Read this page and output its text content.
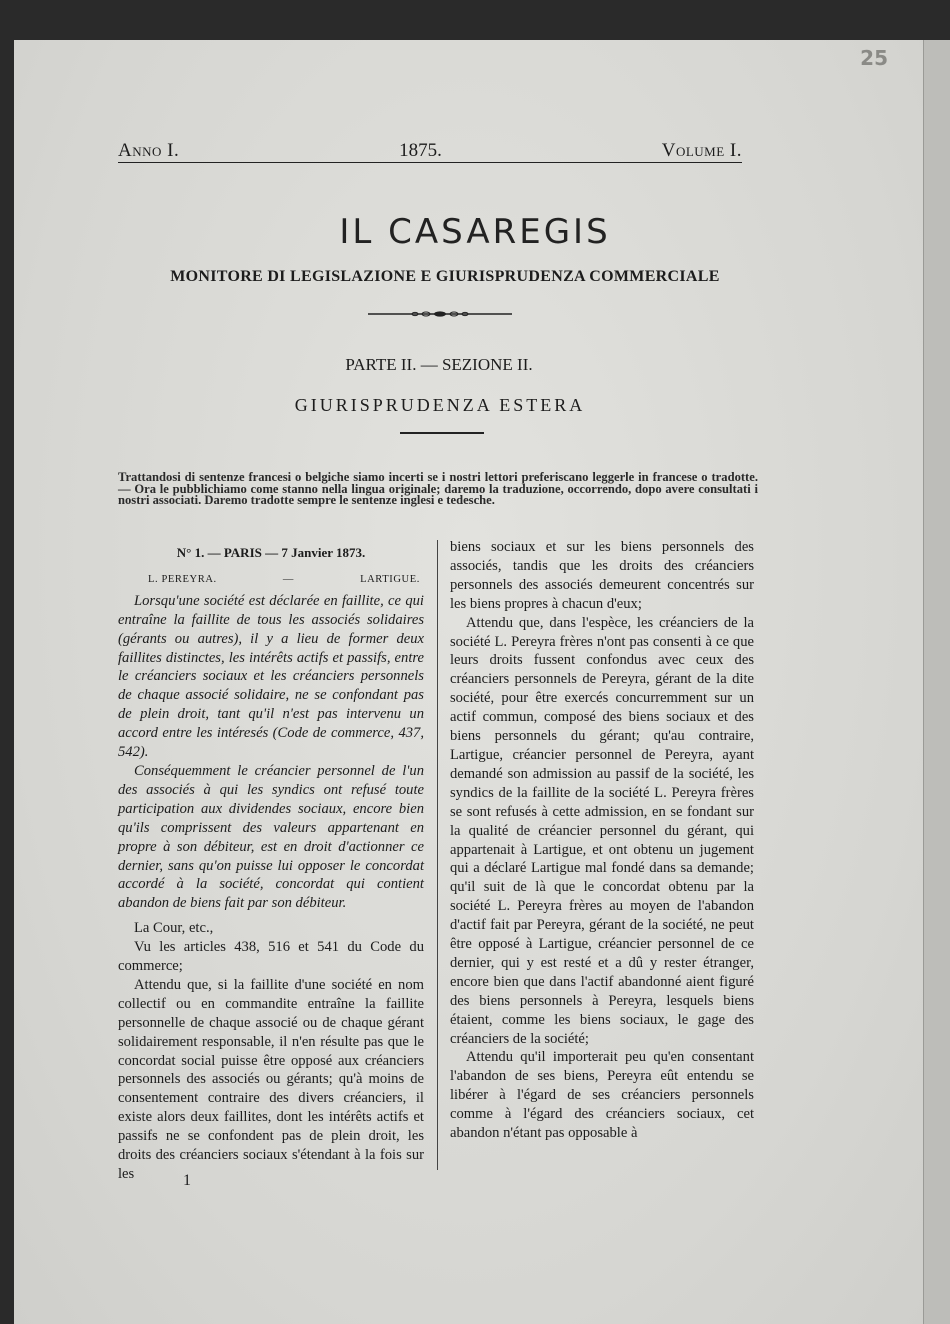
25
Anno I.	1875.	Volume I.
IL CASAREGIS
MONITORE DI LEGISLAZIONE E GIURISPRUDENZA COMMERCIALE
PARTE II. — SEZIONE II.
GIURISPRUDENZA ESTERA
Trattandosi di sentenze francesi o belgiche siamo incerti se i nostri lettori preferiscano leggerle in francese o tradotte. — Ora le pubblichiamo come stanno nella lingua originale; daremo la traduzione, occorrendo, dopo avere consultati i nostri associati. Daremo tradotte sempre le sentenze inglesi e tedesche.
N° 1. — PARIS — 7 Janvier 1873.
L. PEREYRA.	—	LARTIGUE.

Lorsqu'une société est déclarée en faillite, ce qui entraîne la faillite de tous les associés solidaires (gérants ou autres), il y a lieu de former deux faillites distinctes, les intérêts actifs et passifs, entre le créanciers sociaux et les créanciers personnels de chaque associé solidaire, ne se confondant pas de plein droit, tant qu'il n'est pas intervenu un accord entre les intéresés (Code de commerce, 437, 542).

Conséquemment le créancier personnel de l'un des associés à qui les syndics ont refusé toute participation aux dividendes sociaux, encore bien qu'ils comprissent des valeurs appartenant en propre à son débiteur, est en droit d'actionner ce dernier, sans qu'on puisse lui opposer le concordat accordé à la société, concordat qui contient abandon de biens fait par son débiteur.

La Cour, etc.,

Vu les articles 438, 516 et 541 du Code du commerce;

Attendu que, si la faillite d'une société en nom collectif ou en commandite entraîne la faillite personnelle de chaque associé ou de chaque gérant solidairement responsable, il n'en résulte pas que le concordat social puisse être opposé aux créanciers personnels des associés ou gérants; qu'à moins de consentement contraire des divers créanciers, il existe alors deux faillites, dont les intérêts actifs et passifs ne se confondent pas de plein droit, les droits des créanciers sociaux s'étendant à la fois sur les

biens sociaux et sur les biens personnels des associés, tandis que les droits des créanciers personnels des associés demeurent concentrés sur les biens propres à chacun d'eux;

Attendu que, dans l'espèce, les créanciers de la société L. Pereyra frères n'ont pas consenti à ce que leurs droits fussent confondus avec ceux des créanciers personnels de Pereyra, gérant de la dite société, pour être exercés concurremment sur un actif commun, composé des biens sociaux et des biens personnels du gérant; qu'au contraire, Lartigue, créancier personnel de Pereyra, ayant demandé son admission au passif de la société, les syndics de la faillite de la société L. Pereyra frères se sont refusés à cette admission, en se fondant sur la qualité de créancier personnel du gérant, qui appartenait à Lartigue, et ont obtenu un jugement qui a déclaré Lartigue mal fondé dans sa demande; qu'il suit de là que le concordat obtenu par la société L. Pereyra frères au moyen de l'abandon d'actif fait par Pereyra, gérant de la société, ne peut être opposé à Lartigue, créancier personnel de ce dernier, qui y est resté et a dû y rester étranger, encore bien que dans l'actif abandonné aient figuré des biens personnels à Pereyra, lesquels biens étaient, comme les biens sociaux, le gage des créanciers de la société;

Attendu qu'il importerait peu qu'en consentant l'abandon de ses biens, Pereyra eût entendu se libérer à l'égard de ses créanciers personnels comme à l'égard des créanciers sociaux, cet abandon n'étant pas opposable à

1
